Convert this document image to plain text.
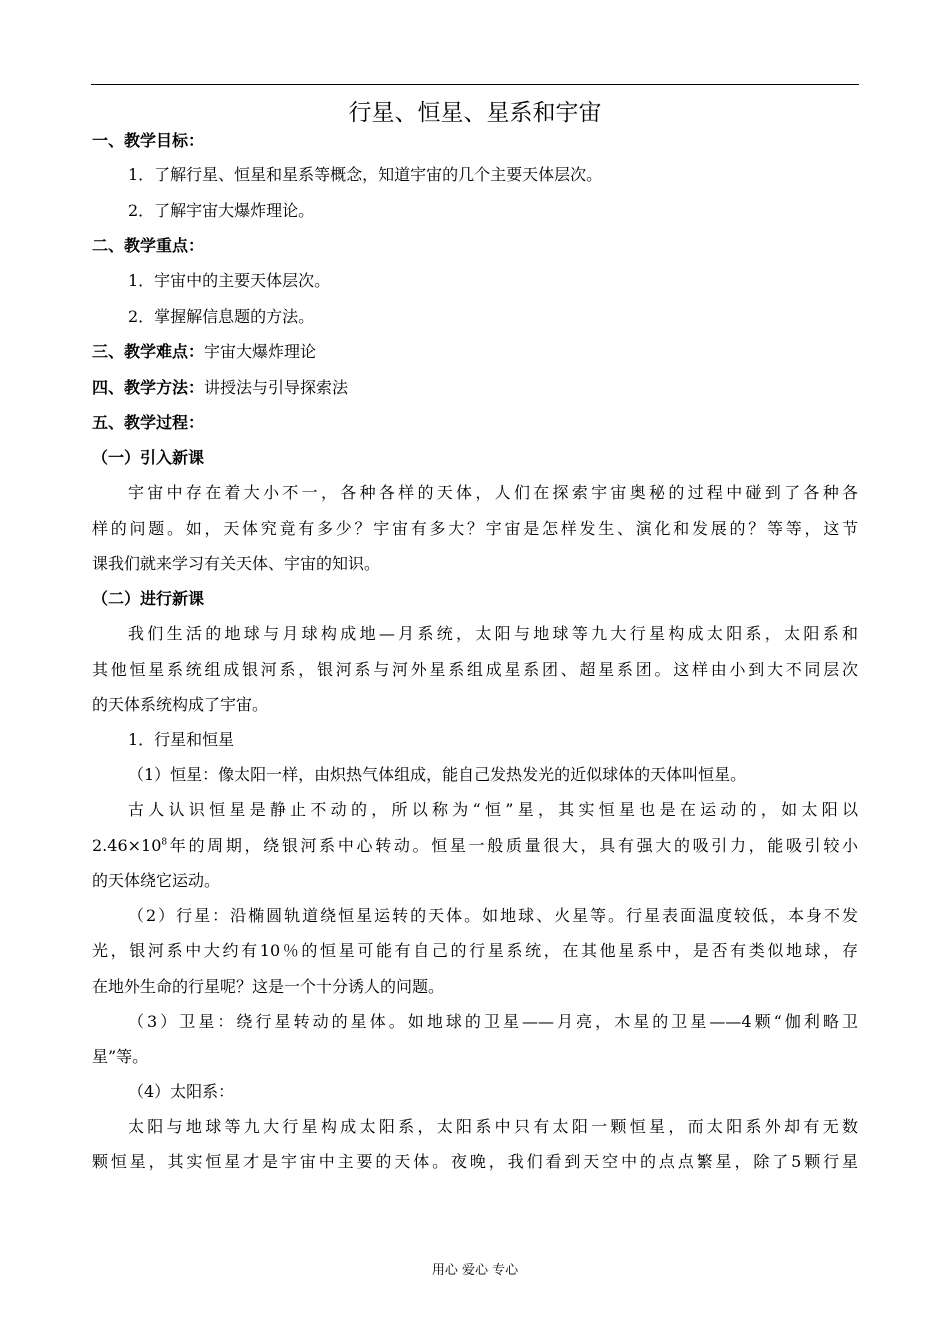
行星、恒星、星系和宇宙
一、教学目标：
1．了解行星、恒星和星系等概念，知道宇宙的几个主要天体层次。
2．了解宇宙大爆炸理论。
二、教学重点：
1．宇宙中的主要天体层次。
2．掌握解信息题的方法。
三、教学难点：宇宙大爆炸理论
四、教学方法：讲授法与引导探索法
五、教学过程：
（一）引入新课
宇宙中存在着大小不一，各种各样的天体，人们在探索宇宙奥秘的过程中碰到了各种各
样的问题。如，天体究竟有多少？宇宙有多大？宇宙是怎样发生、演化和发展的？等等，这节
课我们就来学习有关天体、宇宙的知识。
（二）进行新课
我们生活的地球与月球构成地—月系统，太阳与地球等九大行星构成太阳系，太阳系和
其他恒星系统组成银河系，银河系与河外星系组成星系团、超星系团。这样由小到大不同层次
的天体系统构成了宇宙。
1．行星和恒星
（1）恒星：像太阳一样，由炽热气体组成，能自己发热发光的近似球体的天体叫恒星。
古人认识恒星是静止不动的，所以称为“恒”星，其实恒星也是在运动的，如太阳以
$2.46\times 10^8$年的周期，绕银河系中心转动。恒星一般质量很大，具有强大的吸引力，能吸引较小
的天体绕它运动。
（2）行星：沿椭圆轨道绕恒星运转的天体。如地球、火星等。行星表面温度较低，本身不发
光，银河系中大约有10％的恒星可能有自己的行星系统，在其他星系中，是否有类似地球，存
在地外生命的行星呢？这是一个十分诱人的问题。
（3）卫星：绕行星转动的星体。如地球的卫星——月亮，木星的卫星——4颗“伽利略卫
星”等。
（4）太阳系：
太阳与地球等九大行星构成太阳系，太阳系中只有太阳一颗恒星，而太阳系外却有无数
颗恒星，其实恒星才是宇宙中主要的天体。夜晚，我们看到天空中的点点繁星，除了5颗行星
用心 爱心 专心
